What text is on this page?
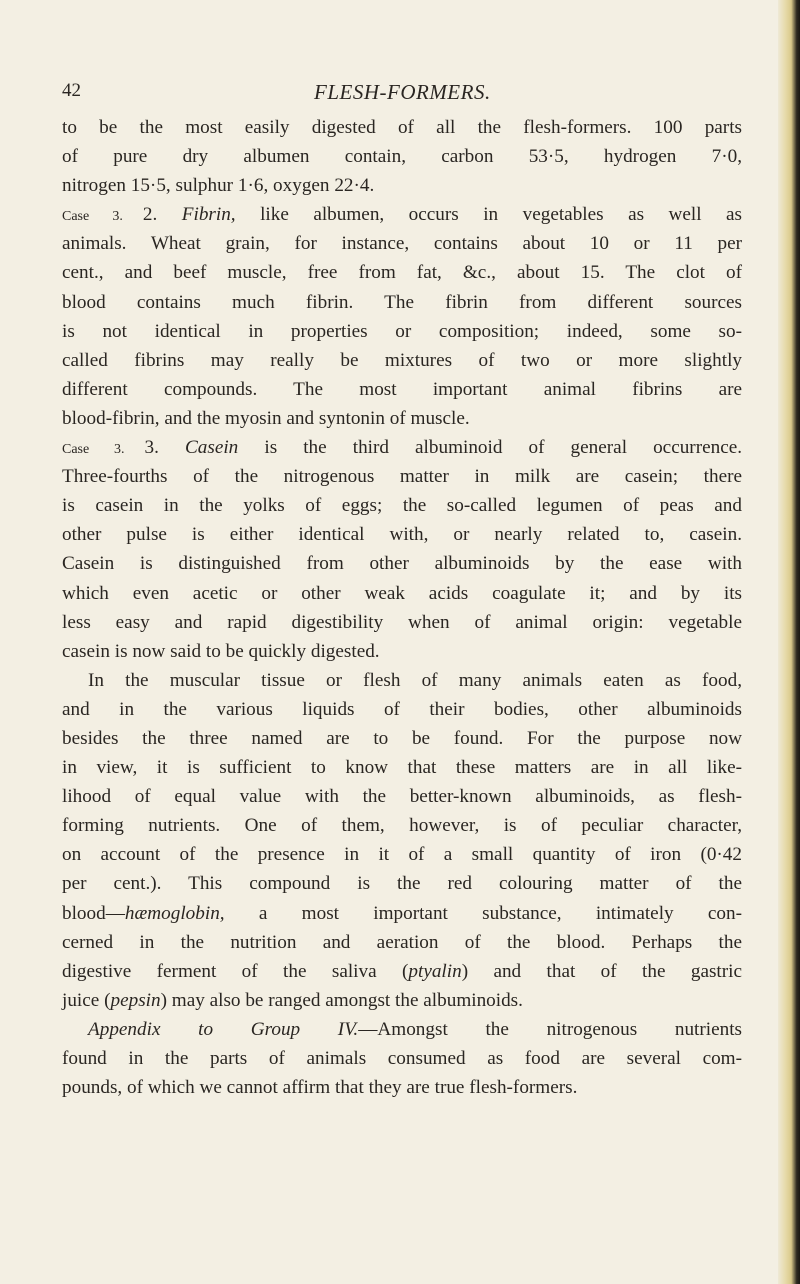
42	FLESH-FORMERS.
to be the most easily digested of all the flesh-formers. 100 parts
of pure dry albumen contain, carbon 53·5, hydrogen 7·0,
nitrogen 15·5, sulphur 1·6, oxygen 22·4.
Case 3. 2. Fibrin, like albumen, occurs in vegetables as well as
animals. Wheat grain, for instance, contains about 10 or 11 per
cent., and beef muscle, free from fat, &c., about 15. The clot of
blood contains much fibrin. The fibrin from different sources
is not identical in properties or composition; indeed, some so-
called fibrins may really be mixtures of two or more slightly
different compounds. The most important animal fibrins are
blood-fibrin, and the myosin and syntonin of muscle.
Case 3. 3. Casein is the third albuminoid of general occurrence.
Three-fourths of the nitrogenous matter in milk are casein; there
is casein in the yolks of eggs; the so-called legumen of peas and
other pulse is either identical with, or nearly related to, casein.
Casein is distinguished from other albuminoids by the ease with
which even acetic or other weak acids coagulate it; and by its
less easy and rapid digestibility when of animal origin: vegetable
casein is now said to be quickly digested.
In the muscular tissue or flesh of many animals eaten as food,
and in the various liquids of their bodies, other albuminoids
besides the three named are to be found. For the purpose now
in view, it is sufficient to know that these matters are in all like-
lihood of equal value with the better-known albuminoids, as flesh-
forming nutrients. One of them, however, is of peculiar character,
on account of the presence in it of a small quantity of iron (0·42
per cent.). This compound is the red colouring matter of the
blood—hæmoglobin, a most important substance, intimately con-
cerned in the nutrition and aeration of the blood. Perhaps the
digestive ferment of the saliva (ptyalin) and that of the gastric
juice (pepsin) may also be ranged amongst the albuminoids.
Appendix to Group IV.—Amongst the nitrogenous nutrients
found in the parts of animals consumed as food are several com-
pounds, of which we cannot affirm that they are true flesh-formers.
